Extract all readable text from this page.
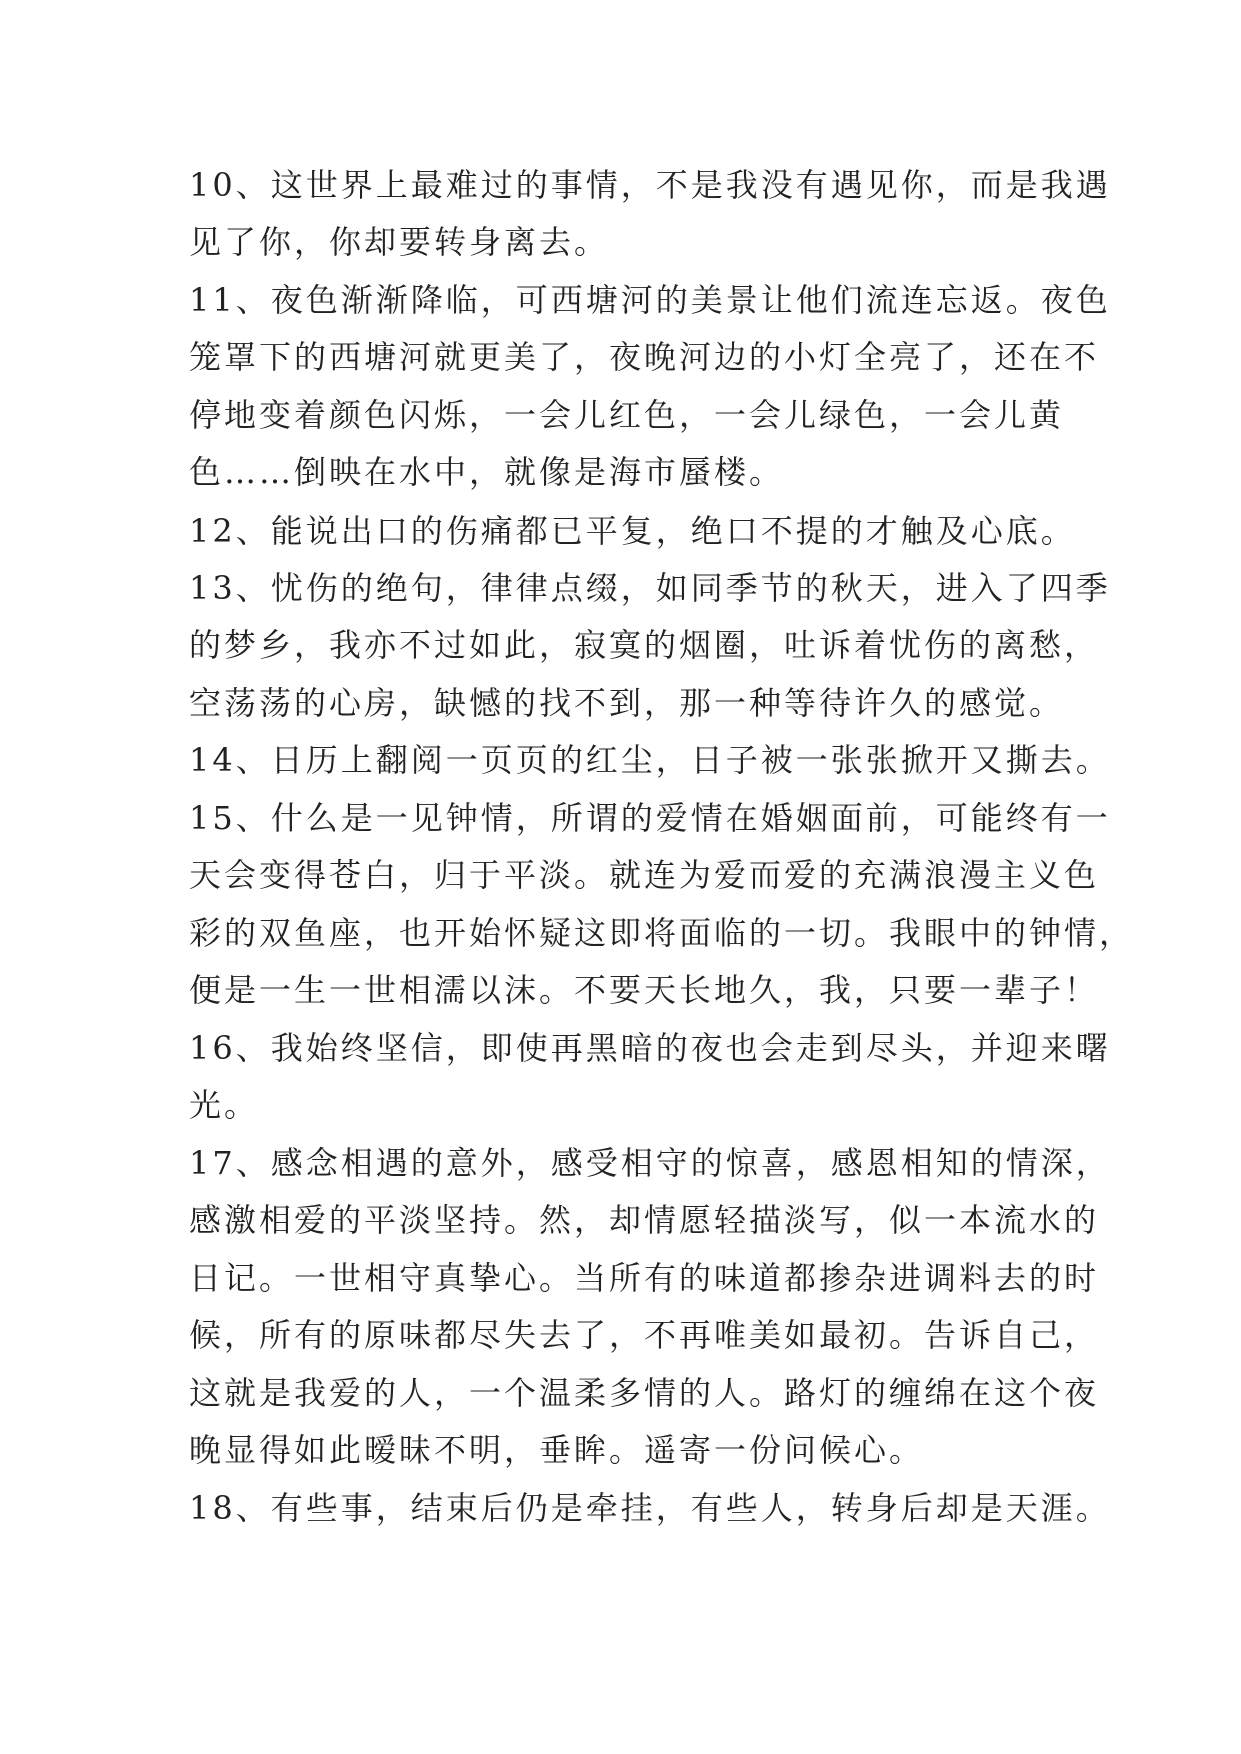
10、这世界上最难过的事情，不是我没有遇见你，而是我遇
见了你，你却要转身离去。
11、夜色渐渐降临，可西塘河的美景让他们流连忘返。夜色
笼罩下的西塘河就更美了，夜晚河边的小灯全亮了，还在不
停地变着颜色闪烁，一会儿红色，一会儿绿色，一会儿黄
色……倒映在水中，就像是海市蜃楼。
12、能说出口的伤痛都已平复，绝口不提的才触及心底。
13、忧伤的绝句，律律点缀，如同季节的秋天，进入了四季
的梦乡，我亦不过如此，寂寞的烟圈，吐诉着忧伤的离愁，
空荡荡的心房，缺憾的找不到，那一种等待许久的感觉。
14、日历上翻阅一页页的红尘，日子被一张张掀开又撕去。
15、什么是一见钟情，所谓的爱情在婚姻面前，可能终有一
天会变得苍白，归于平淡。就连为爱而爱的充满浪漫主义色
彩的双鱼座，也开始怀疑这即将面临的一切。我眼中的钟情，
便是一生一世相濡以沫。不要天长地久，我，只要一辈子！
16、我始终坚信，即使再黑暗的夜也会走到尽头，并迎来曙
光。
17、感念相遇的意外，感受相守的惊喜，感恩相知的情深，
感激相爱的平淡坚持。然，却情愿轻描淡写，似一本流水的
日记。一世相守真挚心。当所有的味道都掺杂进调料去的时
候，所有的原味都尽失去了，不再唯美如最初。告诉自己，
这就是我爱的人，一个温柔多情的人。路灯的缠绵在这个夜
晚显得如此暧昧不明，垂眸。遥寄一份问候心。
18、有些事，结束后仍是牵挂，有些人，转身后却是天涯。
